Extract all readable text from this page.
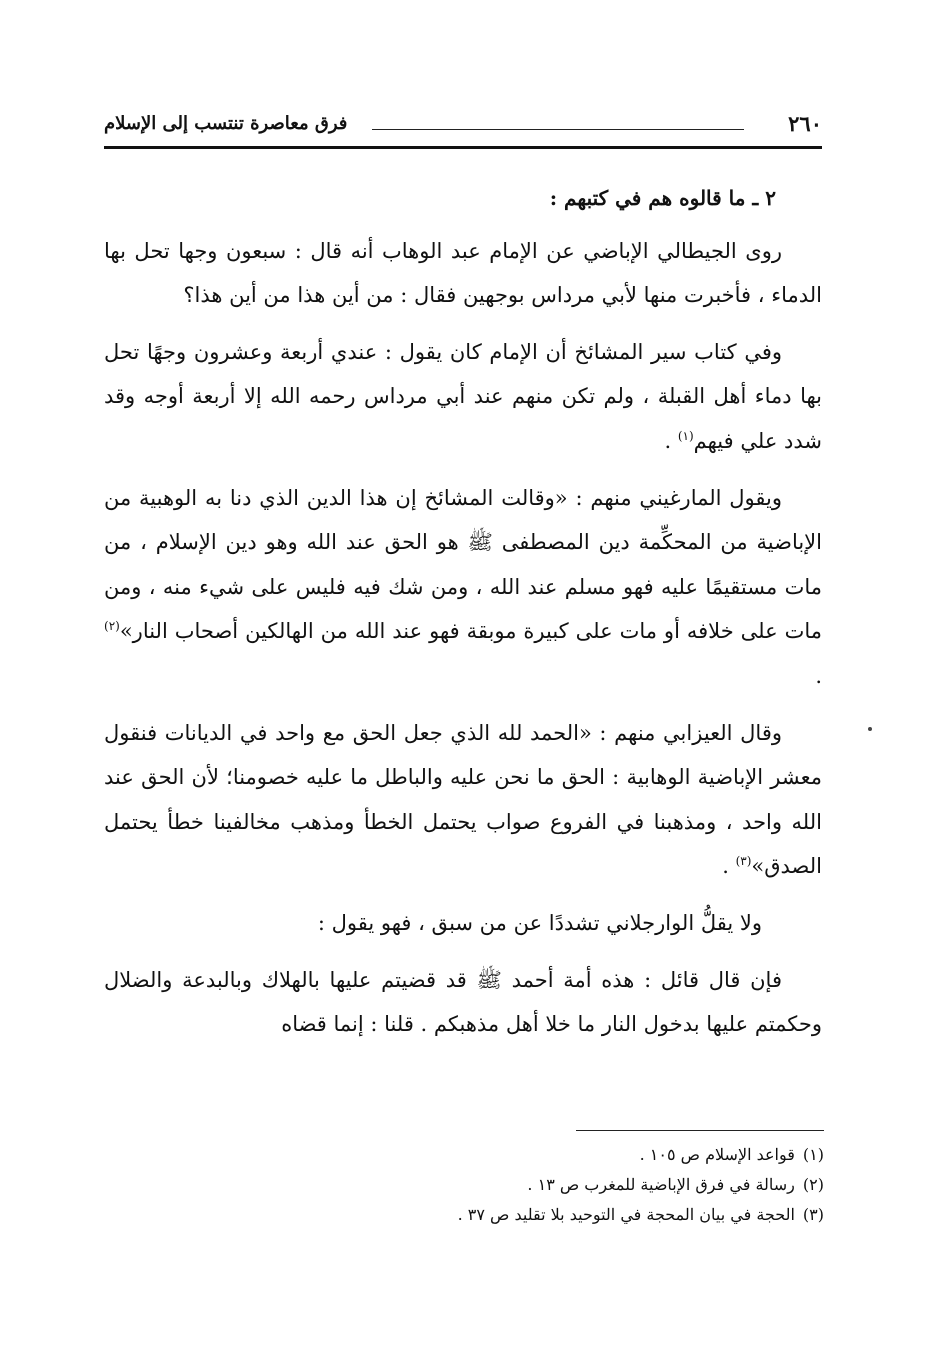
٢٦٠
فرق معاصرة تنتسب إلى الإسلام

٢ ـ ما قالوه هم في كتبهم :

روى الجيطالي الإباضي عن الإمام عبد الوهاب أنه قال : سبعون وجها تحل بها الدماء ، فأخبرت منها لأبي مرداس بوجهين فقال : من أين هذا من أين هذا؟

وفي كتاب سير المشائخ أن الإمام كان يقول : عندي أربعة وعشرون وجهًا تحل بها دماء أهل القبلة ، ولم تكن منهم عند أبي مرداس رحمه الله إلا أربعة أوجه وقد شدد علي فيهم$^{(١)}$ .

ويقول المارغيني منهم : «وقالت المشائخ إن هذا الدين الذي دنا به الوهبية من الإباضية من المحكِّمة دين المصطفى ﷺ هو الحق عند الله وهو دين الإسلام ، من مات مستقيمًا عليه فهو مسلم عند الله ، ومن شك فيه فليس على شيء منه ، ومن مات على خلافه أو مات على كبيرة موبقة فهو عند الله من الهالكين أصحاب النار»$^{(٢)}$ .

وقال العيزابي منهم : «الحمد لله الذي جعل الحق مع واحد في الديانات فنقول معشر الإباضية الوهابية : الحق ما نحن عليه والباطل ما عليه خصومنا؛ لأن الحق عند الله واحد ، ومذهبنا في الفروع صواب يحتمل الخطأ ومذهب مخالفينا خطأ يحتمل الصدق»$^{(٣)}$ .

ولا يقلُّ الوارجلاني تشددًا عن من سبق ، فهو يقول :

فإن قال قائل : هذه أمة أحمد ﷺ قد قضيتم عليها بالهلاك وبالبدعة والضلال وحكمتم عليها بدخول النار ما خلا أهل مذهبكم . قلنا : إنما قضاه

(١)قواعد الإسلام ص ١٠٥ .

(٢)رسالة في فرق الإباضية للمغرب ص ١٣ .

(٣)الحجة في بيان المحجة في التوحيد بلا تقليد ص ٣٧ .
